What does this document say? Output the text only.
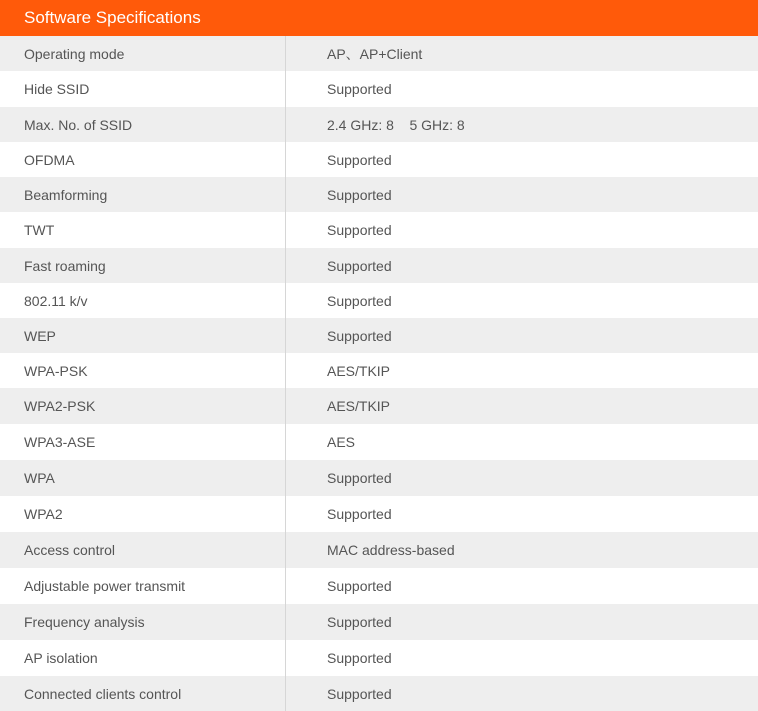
Software Specifications
Operating mode	AP、AP+Client
Hide SSID	Supported
Max. No. of SSID	2.4 GHz: 8    5 GHz: 8
OFDMA	Supported
Beamforming	Supported
TWT	Supported
Fast roaming	Supported
802.11 k/v	Supported
WEP	Supported
WPA-PSK	AES/TKIP
WPA2-PSK	AES/TKIP
WPA3-ASE	AES
WPA	Supported
WPA2	Supported
Access control	MAC address-based
Adjustable power transmit	Supported
Frequency analysis	Supported
AP isolation	Supported
Connected clients control	Supported
